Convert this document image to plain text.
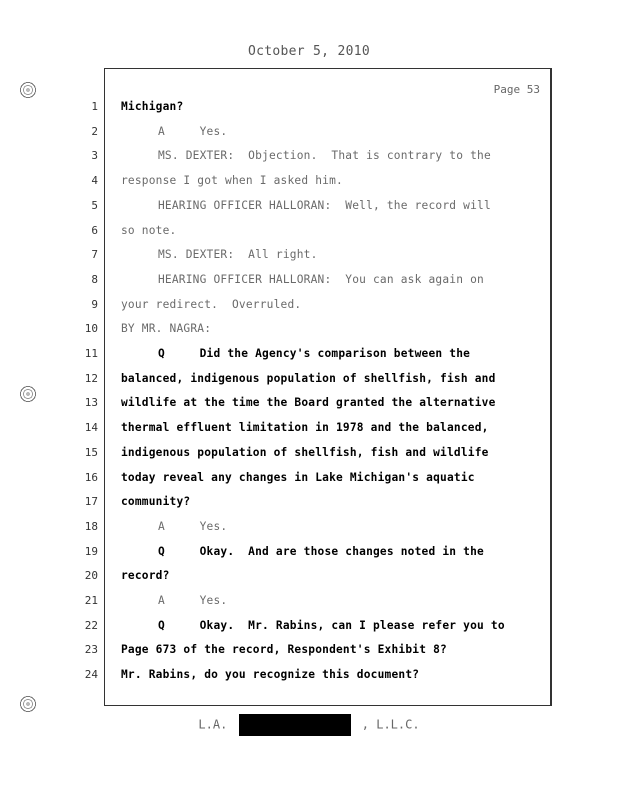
October 5, 2010
Page 53
1 Michigan?
2	A     Yes.
3	MS. DEXTER:  Objection.  That is contrary to the
4 response I got when I asked him.
5	HEARING OFFICER HALLORAN:  Well, the record will
6 so note.
7	MS. DEXTER:  All right.
8	HEARING OFFICER HALLORAN:  You can ask again on
9 your redirect.  Overruled.
10 BY MR. NAGRA:
11	Q     Did the Agency's comparison between the
12 balanced, indigenous population of shellfish, fish and
13 wildlife at the time the Board granted the alternative
14 thermal effluent limitation in 1978 and the balanced,
15 indigenous population of shellfish, fish and wildlife
16 today reveal any changes in Lake Michigan's aquatic
17 community?
18	A     Yes.
19	Q     Okay.  And are those changes noted in the
20 record?
21	A     Yes.
22	Q     Okay.  Mr. Rabins, can I please refer you to
23 Page 673 of the record, Respondent's Exhibit 8?
24 Mr. Rabins, do you recognize this document?
L.A.	, L.L.C.
